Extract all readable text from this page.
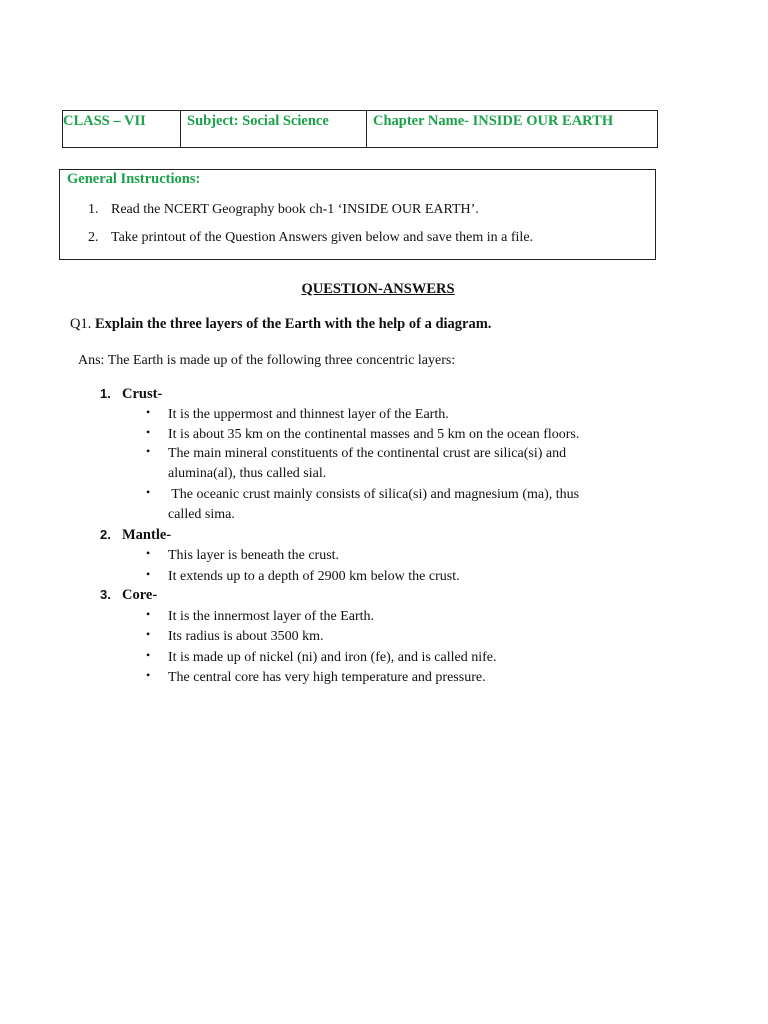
CLASS – VII	Subject: Social Science	Chapter Name- INSIDE OUR EARTH
General Instructions:
1. Read the NCERT Geography book ch-1 ‘INSIDE OUR EARTH’.
2. Take printout of the Question Answers given below and save them in a file.
QUESTION-ANSWERS
Q1. Explain the three layers of the Earth with the help of a diagram.
Ans: The Earth is made up of the following three concentric layers:
1. Crust-
• It is the uppermost and thinnest layer of the Earth.
• It is about 35 km on the continental masses and 5 km on the ocean floors.
• The main mineral constituents of the continental crust are silica(si) and
alumina(al), thus called sial.
• The oceanic crust mainly consists of silica(si) and magnesium (ma), thus
called sima.
2. Mantle-
• This layer is beneath the crust.
• It extends up to a depth of 2900 km below the crust.
3. Core-
• It is the innermost layer of the Earth.
• Its radius is about 3500 km.
• It is made up of nickel (ni) and iron (fe), and is called nife.
• The central core has very high temperature and pressure.
